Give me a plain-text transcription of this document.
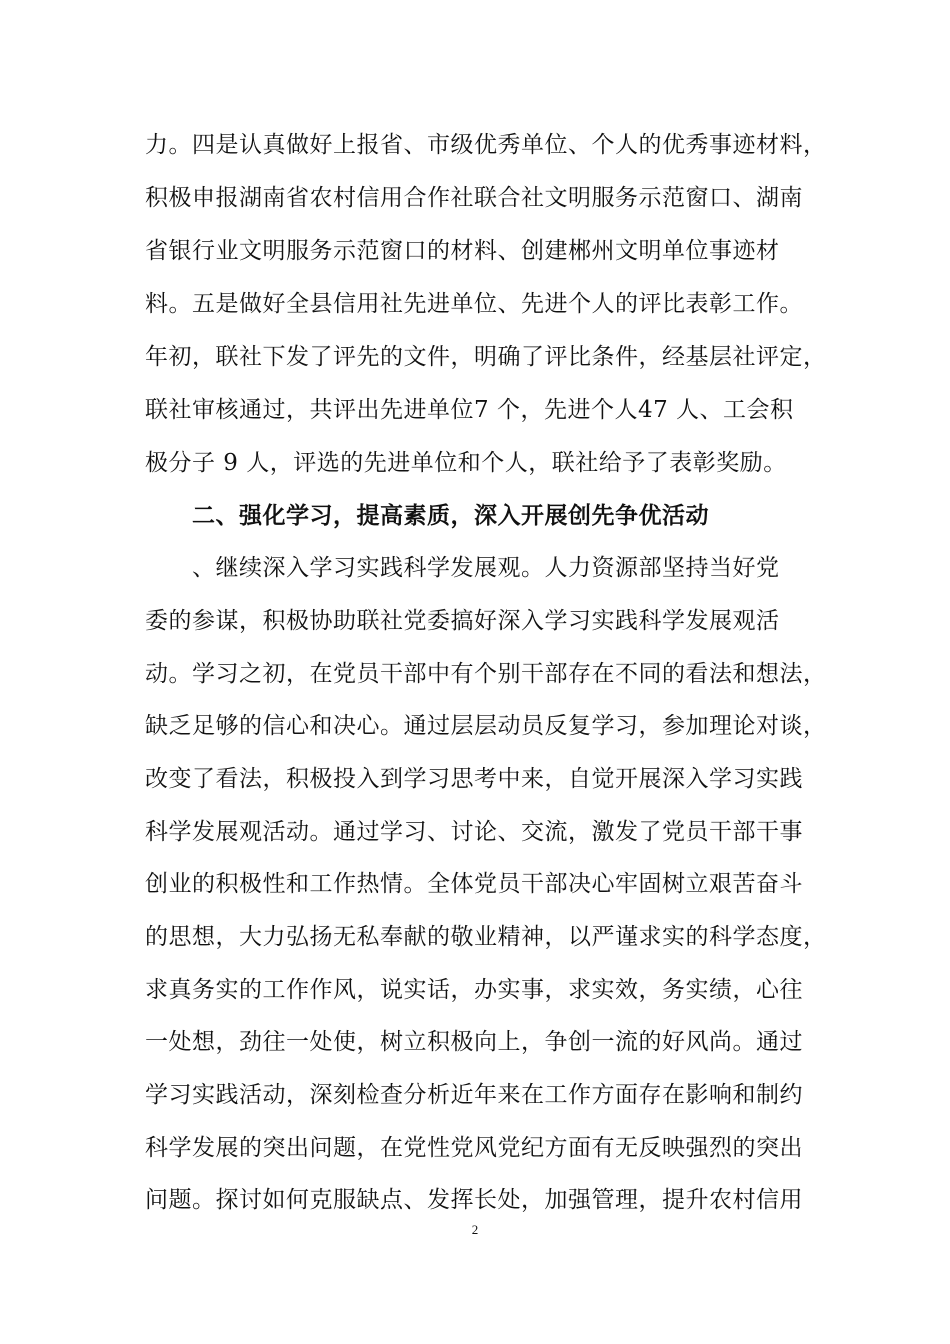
力。四是认真做好上报省、市级优秀单位、个人的优秀事迹材料，
积极申报湖南省农村信用合作社联合社文明服务示范窗口、湖南
省银行业文明服务示范窗口的材料、创建郴州文明单位事迹材
料。五是做好全县信用社先进单位、先进个人的评比表彰工作。
年初，联社下发了评先的文件，明确了评比条件，经基层社评定，
联社审核通过，共评出先进单位7 个，先进个人47 人、工会积
极分子 9 人，评选的先进单位和个人，联社给予了表彰奖励。
二、强化学习，提高素质，深入开展创先争优活动
、继续深入学习实践科学发展观。人力资源部坚持当好党
委的参谋，积极协助联社党委搞好深入学习实践科学发展观活
动。学习之初，在党员干部中有个别干部存在不同的看法和想法，
缺乏足够的信心和决心。通过层层动员反复学习，参加理论对谈，
改变了看法，积极投入到学习思考中来，自觉开展深入学习实践
科学发展观活动。通过学习、讨论、交流，激发了党员干部干事
创业的积极性和工作热情。全体党员干部决心牢固树立艰苦奋斗
的思想，大力弘扬无私奉献的敬业精神，以严谨求实的科学态度，
求真务实的工作作风，说实话，办实事，求实效，务实绩，心往
一处想，劲往一处使，树立积极向上，争创一流的好风尚。通过
学习实践活动，深刻检查分析近年来在工作方面存在影响和制约
科学发展的突出问题，在党性党风党纪方面有无反映强烈的突出
问题。探讨如何克服缺点、发挥长处，加强管理，提升农村信用
2
